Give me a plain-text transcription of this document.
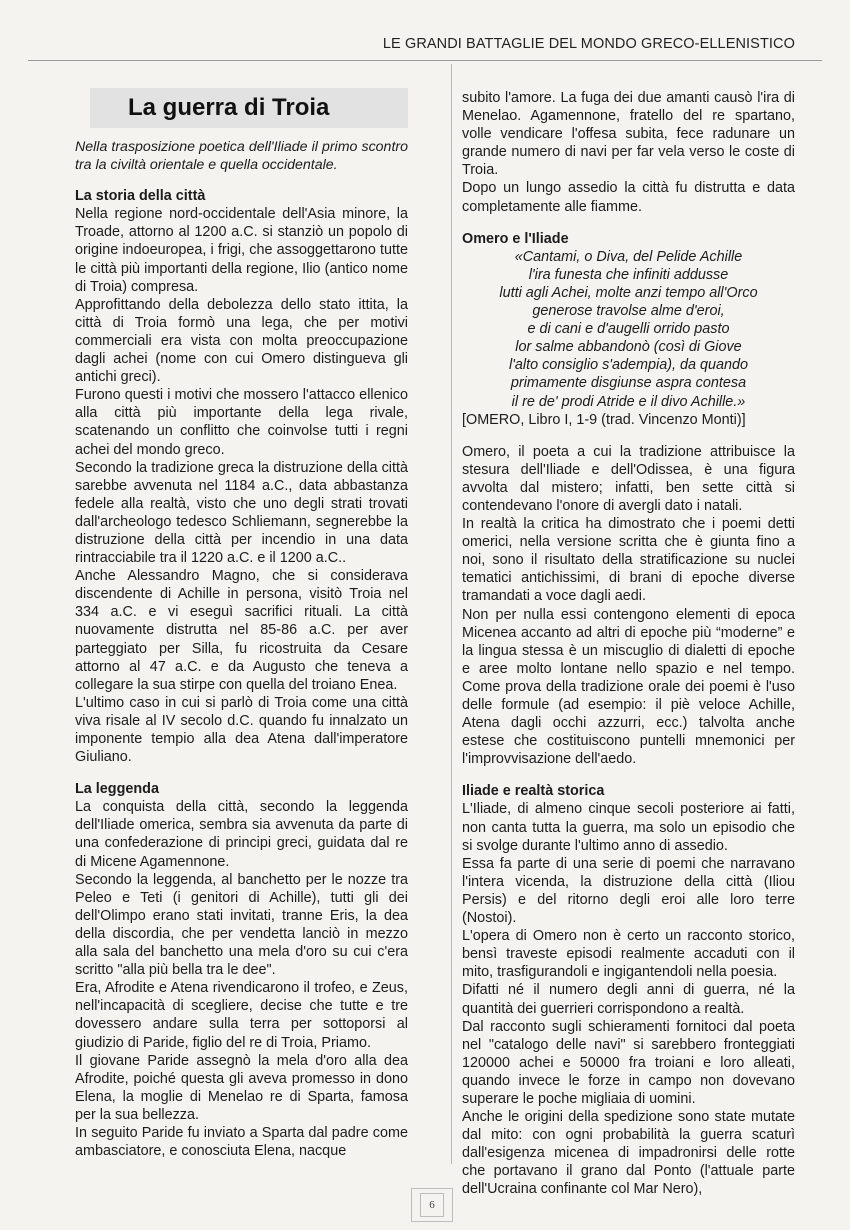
LE GRANDI BATTAGLIE DEL MONDO GRECO-ELLENISTICO
La guerra di Troia

Nella trasposizione poetica dell'Iliade il primo scontro tra la civiltà orientale e quella occidentale.

La storia della città

Nella regione nord-occidentale dell'Asia minore, la Troade, attorno al 1200 a.C. si stanziò un popolo di origine indoeuropea, i frigi, che assoggettarono tutte le città più importanti della regione, Ilio (antico nome di Troia) compresa.

Approfittando della debolezza dello stato ittita, la città di Troia formò una lega, che per motivi commerciali era vista con molta preoccupazione dagli achei (nome con cui Omero distingueva gli antichi greci).

Furono questi i motivi che mossero l'attacco ellenico alla città più importante della lega rivale, scatenando un conflitto che coinvolse tutti i regni achei del mondo greco.

Secondo la tradizione greca la distruzione della città sarebbe avvenuta nel 1184 a.C., data abbastanza fedele alla realtà, visto che uno degli strati trovati dall'archeologo tedesco Schliemann, segnerebbe la distruzione della città per incendio in una data rintracciabile tra il 1220 a.C. e il 1200 a.C..

Anche Alessandro Magno, che si considerava discendente di Achille in persona, visitò Troia nel 334 a.C. e vi eseguì sacrifici rituali. La città nuovamente distrutta nel 85-86 a.C. per aver parteggiato per Silla, fu ricostruita da Cesare attorno al 47 a.C. e da Augusto che teneva a collegare la sua stirpe con quella del troiano Enea.

L'ultimo caso in cui si parlò di Troia come una città viva risale al IV secolo d.C. quando fu innalzato un imponente tempio alla dea Atena dall'imperatore Giuliano.

La leggenda

La conquista della città, secondo la leggenda dell'Iliade omerica, sembra sia avvenuta da parte di una confederazione di principi greci, guidata dal re di Micene Agamennone.

Secondo la leggenda, al banchetto per le nozze tra Peleo e Teti (i genitori di Achille), tutti gli dei dell'Olimpo erano stati invitati, tranne Eris, la dea della discordia, che per vendetta lanciò in mezzo alla sala del banchetto una mela d'oro su cui c'era scritto "alla più bella tra le dee".

Era, Afrodite e Atena rivendicarono il trofeo, e Zeus, nell'incapacità di scegliere, decise che tutte e tre dovessero andare sulla terra per sottoporsi al giudizio di Paride, figlio del re di Troia, Priamo.

Il giovane Paride assegnò la mela d'oro alla dea Afrodite, poiché questa gli aveva promesso in dono Elena, la moglie di Menelao re di Sparta, famosa per la sua bellezza.

In seguito Paride fu inviato a Sparta dal padre come ambasciatore, e conosciuta Elena, nacque

subito l'amore. La fuga dei due amanti causò l'ira di Menelao. Agamennone, fratello del re spartano, volle vendicare l'offesa subita, fece radunare un grande numero di navi per far vela verso le coste di Troia.

Dopo un lungo assedio la città fu distrutta e data completamente alle fiamme.

Omero e l'Iliade

«Cantami, o Diva, del Pelide Achille
l'ira funesta che infiniti addusse
lutti agli Achei, molte anzi tempo all'Orco
generose travolse alme d'eroi,
e di cani e d'augelli orrido pasto
lor salme abbandonò (così di Giove
l'alto consiglio s'adempia), da quando
primamente disgiunse aspra contesa
il re de' prodi Atride e il divo Achille.»

[OMERO, Libro I, 1-9 (trad. Vincenzo Monti)]

Omero, il poeta a cui la tradizione attribuisce la stesura dell'Iliade e dell'Odissea, è una figura avvolta dal mistero; infatti, ben sette città si contendevano l'onore di avergli dato i natali.

In realtà la critica ha dimostrato che i poemi detti omerici, nella versione scritta che è giunta fino a noi, sono il risultato della stratificazione su nuclei tematici antichissimi, di brani di epoche diverse tramandati a voce dagli aedi.

Non per nulla essi contengono elementi di epoca Micenea accanto ad altri di epoche più “moderne” e la lingua stessa è un miscuglio di dialetti di epoche e aree molto lontane nello spazio e nel tempo. Come prova della tradizione orale dei poemi è l'uso delle formule (ad esempio: il piè veloce Achille, Atena dagli occhi azzurri, ecc.) talvolta anche estese che costituiscono puntelli mnemonici per l'improvvisazione dell'aedo.

Iliade e realtà storica

L'Iliade, di almeno cinque secoli posteriore ai fatti, non canta tutta la guerra, ma solo un episodio che si svolge durante l'ultimo anno di assedio.

Essa fa parte di una serie di poemi che narravano l'intera vicenda, la distruzione della città (Iliou Persis) e del ritorno degli eroi alle loro terre (Nostoi).

L'opera di Omero non è certo un racconto storico, bensì traveste episodi realmente accaduti con il mito, trasfigurandoli e ingigantendoli nella poesia.

Difatti né il numero degli anni di guerra, né la quantità dei guerrieri corrispondono a realtà.

Dal racconto sugli schieramenti fornitoci dal poeta nel "catalogo delle navi" si sarebbero fronteggiati 120000 achei e 50000 fra troiani e loro alleati, quando invece le forze in campo non dovevano superare le poche migliaia di uomini.

Anche le origini della spedizione sono state mutate dal mito: con ogni probabilità la guerra scaturì dall'esigenza micenea di impadronirsi delle rotte che portavano il grano dal Ponto (l'attuale parte dell'Ucraina confinante col Mar Nero),

6
